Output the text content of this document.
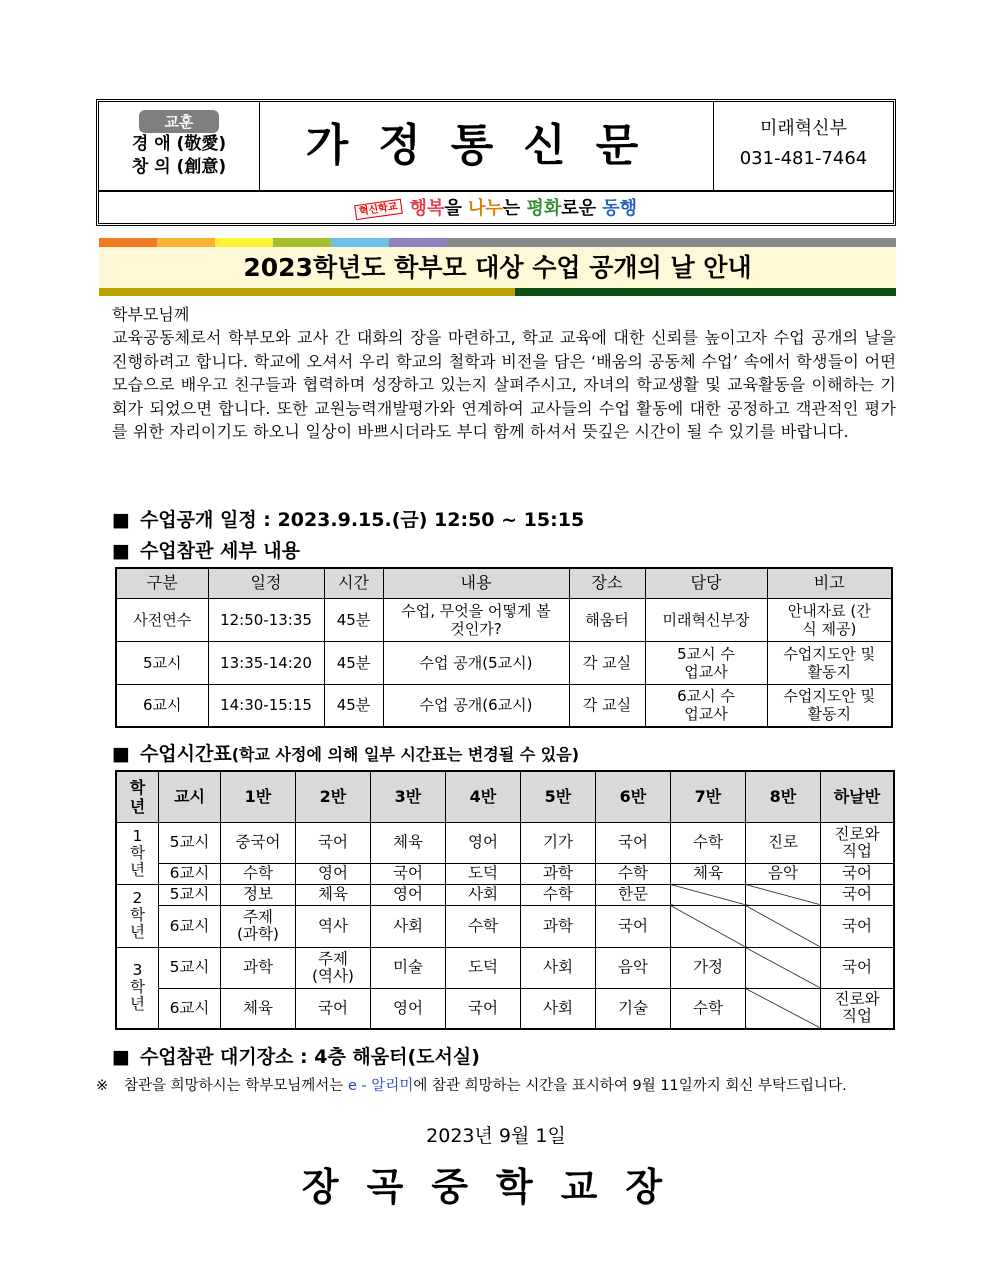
교훈
경 애 (敬愛)
창 의 (創意)	가정통신문	미래혁신부
031-481-7464
혁신학교 행복을 나누는 평화로운 동행
2023학년도 학부모 대상 수업 공개의 날 안내
학부모님께
교육공동체로서 학부모와 교사 간 대화의 장을 마련하고, 학교 교육에 대한 신뢰를 높이고자 수업 공개의 날을 진행하려고 합니다. 학교에 오셔서 우리 학교의 철학과 비전을 담은 ‘배움의 공동체 수업’ 속에서 학생들이 어떤 모습으로 배우고 친구들과 협력하며 성장하고 있는지 살펴주시고, 자녀의 학교생활 및 교육활동을 이해하는 기회가 되었으면 합니다. 또한 교원능력개발평가와 연계하여 교사들의 수업 활동에 대한 공정하고 객관적인 평가를 위한 자리이기도 하오니 일상이 바쁘시더라도 부디 함께 하셔서 뜻깊은 시간이 될 수 있기를 바랍니다.
■ 수업공개 일정 : 2023.9.15.(금) 12:50 ~ 15:15
■ 수업참관 세부 내용
구분	일정	시간	내용	장소	담당	비고
사전연수	12:50-13:35	45분	수업, 무엇을 어떻게 볼 것인가?	해움터	미래혁신부장	안내자료 (간식 제공)
5교시	13:35-14:20	45분	수업 공개(5교시)	각 교실	5교시 수업교사	수업지도안 및 활동지
6교시	14:30-15:15	45분	수업 공개(6교시)	각 교실	6교시 수업교사	수업지도안 및 활동지
■ 수업시간표(학교 사정에 의해 일부 시간표는 변경될 수 있음)
학년	교시	1반	2반	3반	4반	5반	6반	7반	8반	하날반
1 학 년	5교시	중국어	국어	체육	영어	기가	국어	수학	진로	진로와 직업
	6교시	수학	영어	국어	도덕	과학	수학	체육	음악	국어
2 학 년	5교시	정보	체육	영어	사회	수학	한문			국어
	6교시	주제 (과학)	역사	사회	수학	과학	국어			국어
3 학 년	5교시	과학	주제 (역사)	미술	도덕	사회	음악	가정		국어
	6교시	체육	국어	영어	국어	사회	기술	수학		진로와 직업
■ 수업참관 대기장소 : 4층 해움터(도서실)
※	참관을 희망하시는 학부모님께서는 e - 알리미에 참관 희망하는 시간을 표시하여 9월 11일까지 회신 부탁드립니다.
2023년 9월 1일
장곡중학교장
